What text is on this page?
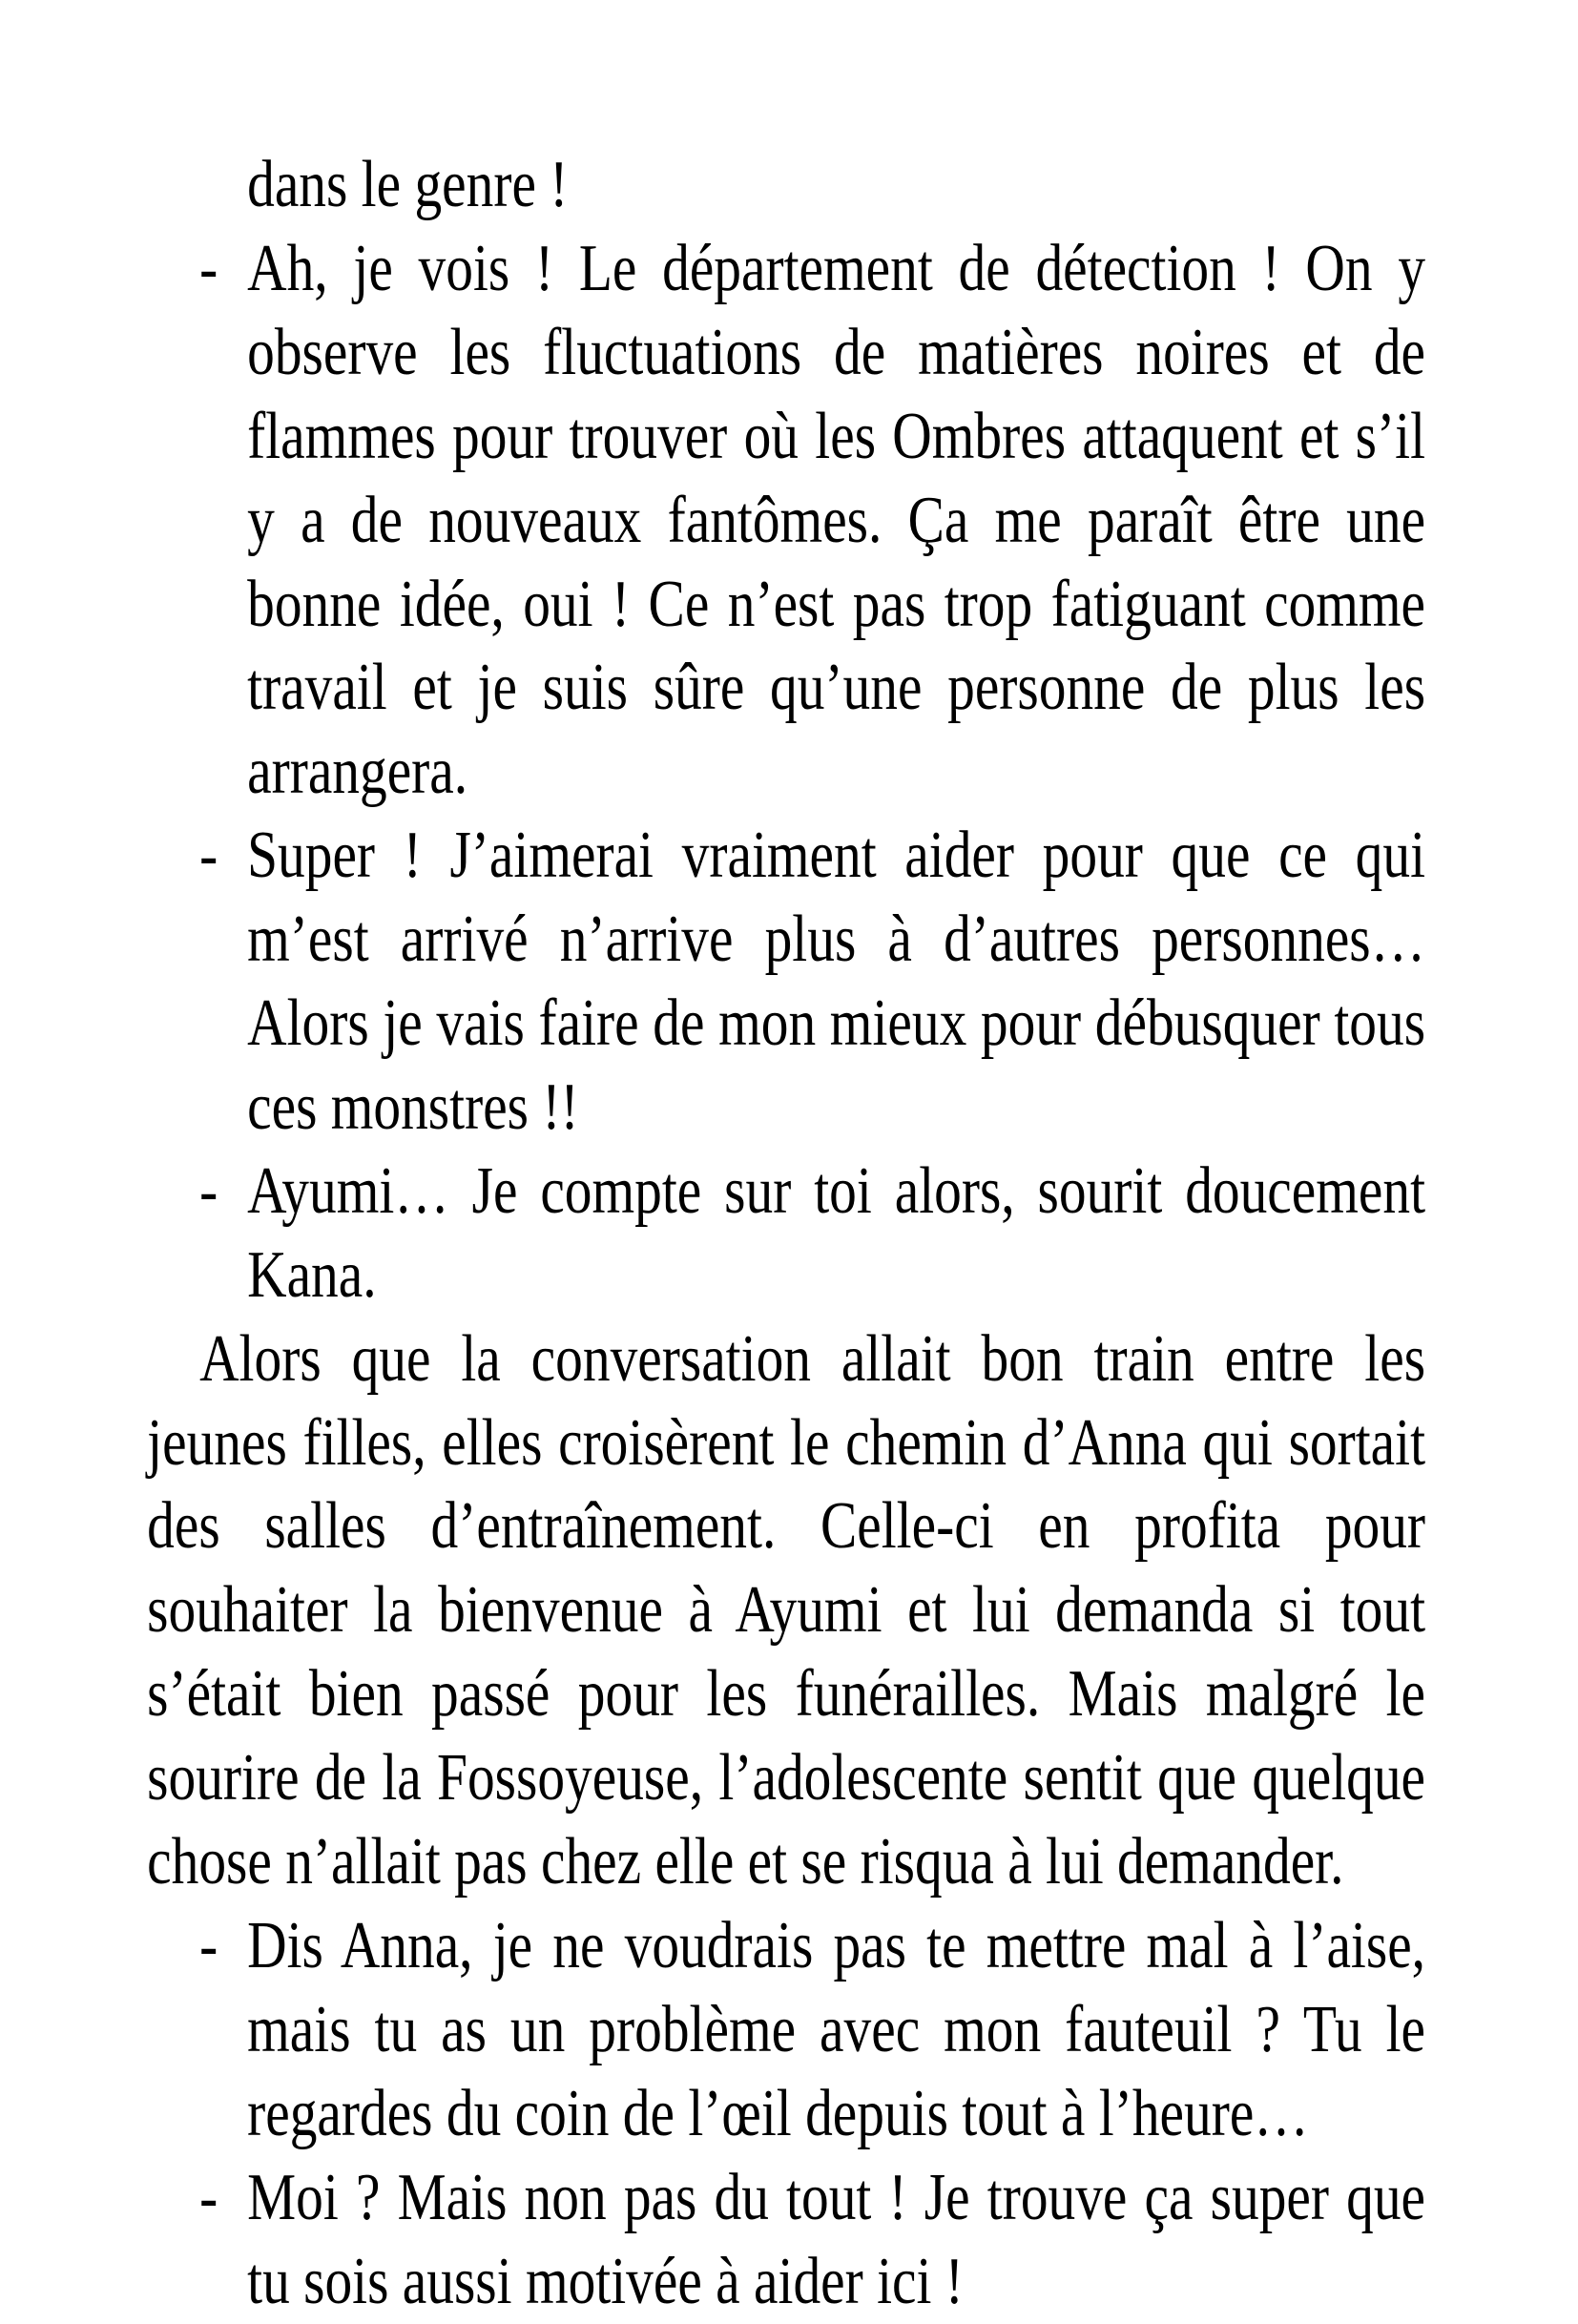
dans le genre !
- Ah, je vois ! Le département de détection ! On y
observe les fluctuations de matières noires et de
flammes pour trouver où les Ombres attaquent et s’il
y a de nouveaux fantômes. Ça me paraît être une
bonne idée, oui ! Ce n’est pas trop fatiguant comme
travail et je suis sûre qu’une personne de plus les
arrangera.
- Super ! J’aimerai vraiment aider pour que ce qui
m’est arrivé n’arrive plus à d’autres personnes…
Alors je vais faire de mon mieux pour débusquer tous
ces monstres !!
- Ayumi… Je compte sur toi alors, sourit doucement
Kana.
Alors que la conversation allait bon train entre les
jeunes filles, elles croisèrent le chemin d’Anna qui sortait
des salles d’entraînement. Celle-ci en profita pour
souhaiter la bienvenue à Ayumi et lui demanda si tout
s’était bien passé pour les funérailles. Mais malgré le
sourire de la Fossoyeuse, l’adolescente sentit que quelque
chose n’allait pas chez elle et se risqua à lui demander.
- Dis Anna, je ne voudrais pas te mettre mal à l’aise,
mais tu as un problème avec mon fauteuil ? Tu le
regardes du coin de l’œil depuis tout à l’heure…
- Moi ? Mais non pas du tout ! Je trouve ça super que
tu sois aussi motivée à aider ici !
